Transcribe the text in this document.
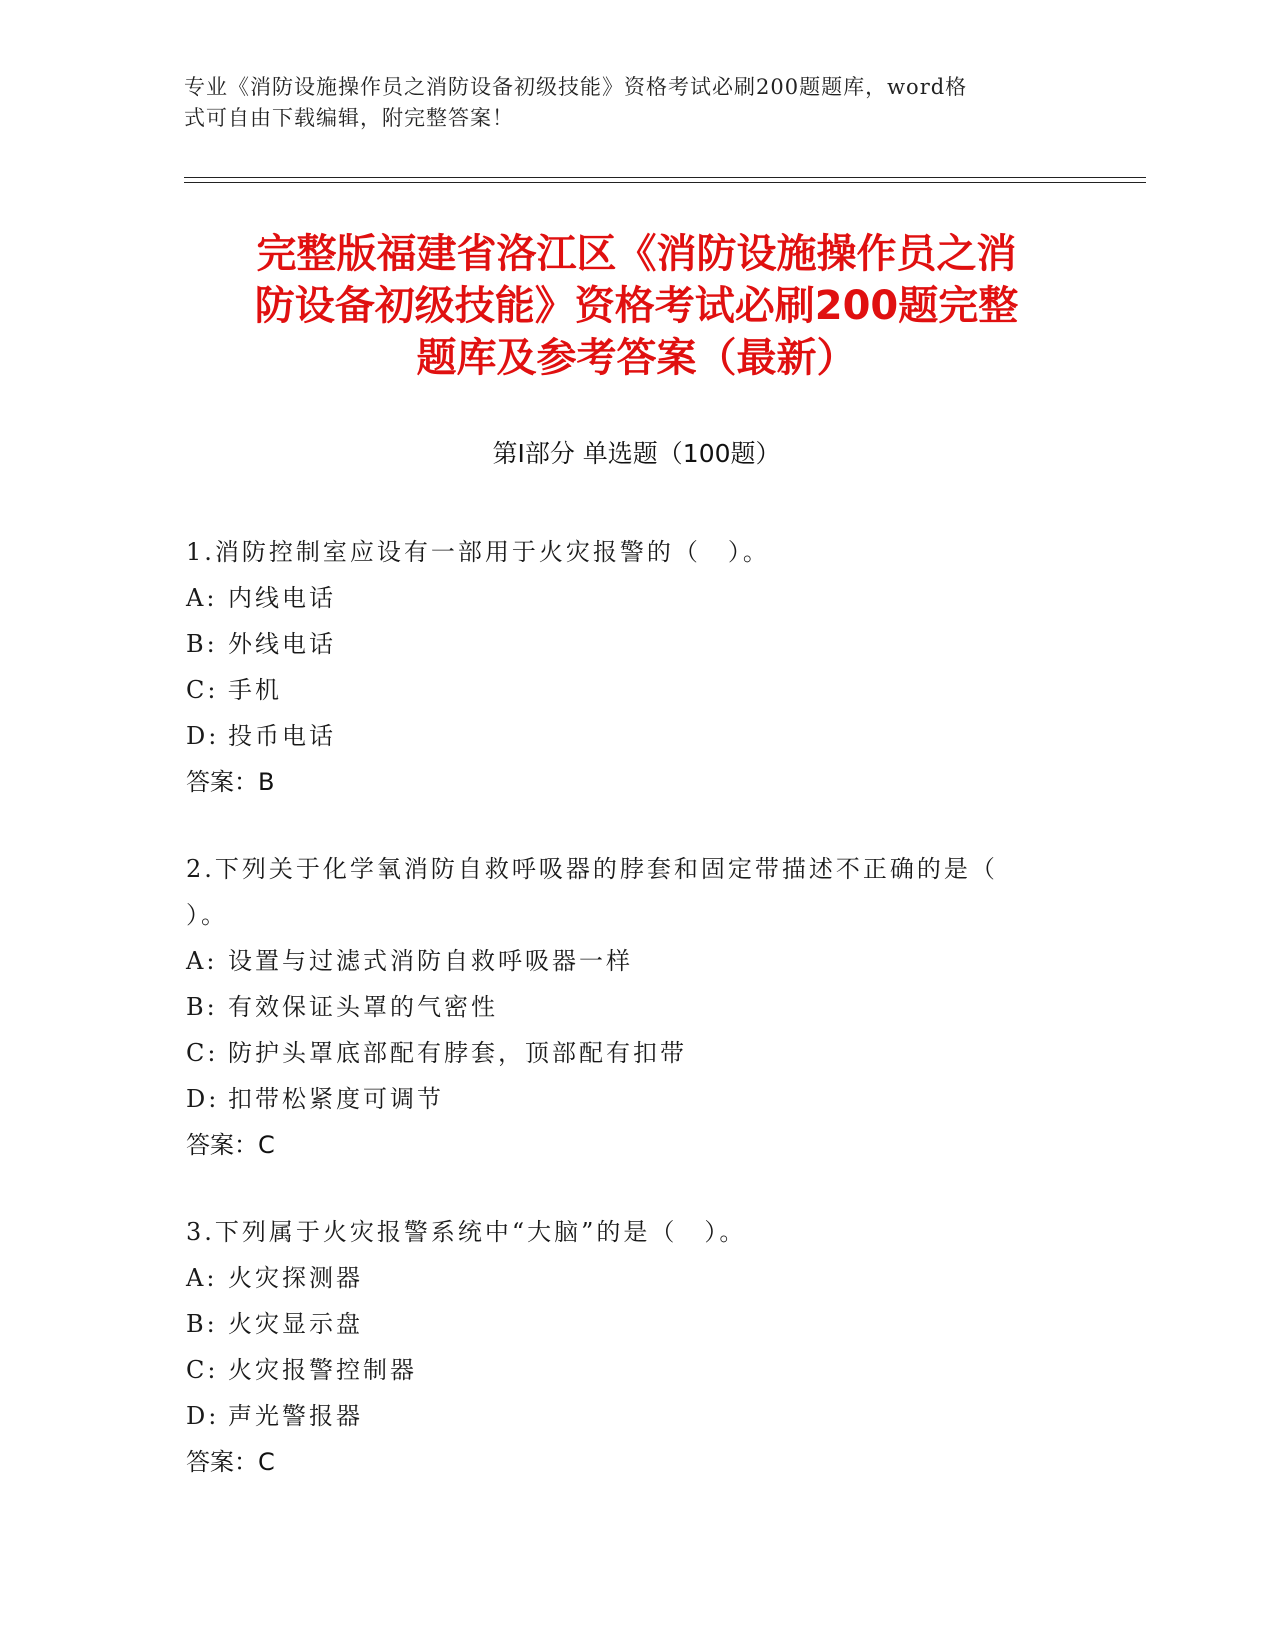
专业《消防设施操作员之消防设备初级技能》资格考试必刷200题题库，word格
式可自由下载编辑，附完整答案！
完整版福建省洛江区《消防设施操作员之消
防设备初级技能》资格考试必刷200题完整
题库及参考答案（最新）
第I部分 单选题（100题）
1.消防控制室应设有一部用于火灾报警的（　）。
A: 内线电话
B: 外线电话
C: 手机
D: 投币电话
答案：B
2.下列关于化学氧消防自救呼吸器的脖套和固定带描述不正确的是（
）。
A: 设置与过滤式消防自救呼吸器一样
B: 有效保证头罩的气密性
C: 防护头罩底部配有脖套，顶部配有扣带
D: 扣带松紧度可调节
答案：C
3.下列属于火灾报警系统中“大脑”的是（　）。
A: 火灾探测器
B: 火灾显示盘
C: 火灾报警控制器
D: 声光警报器
答案：C
